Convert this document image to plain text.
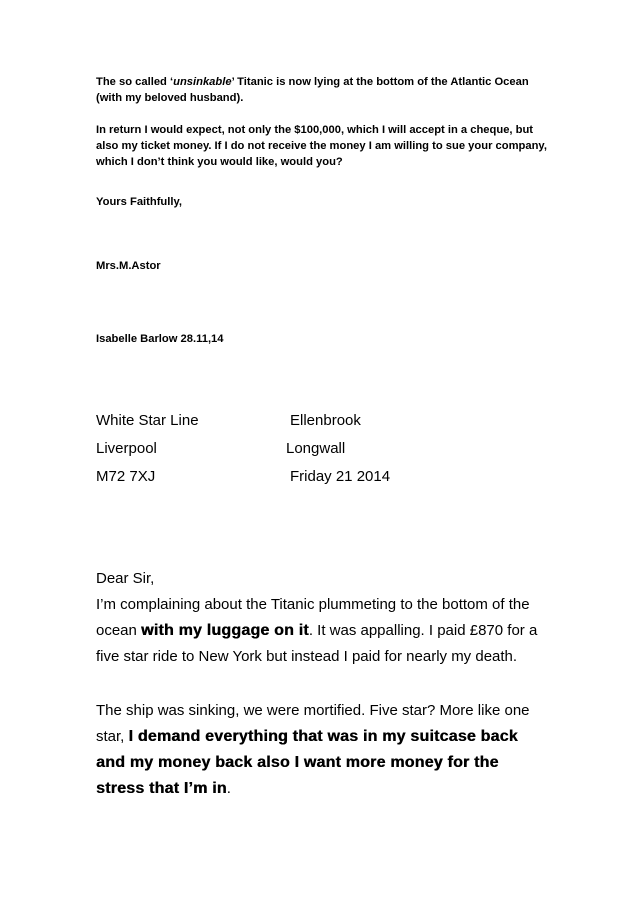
The so called ‘unsinkable’ Titanic is now lying at the bottom of the Atlantic Ocean (with my beloved husband).
In return I would expect, not only the $100,000, which I will accept in a cheque, but also my ticket money. If I do not receive the money I am willing to sue your company, which I don’t think you would like, would you?
Yours Faithfully,
Mrs.M.Astor
Isabelle Barlow 28.11,14
White Star Line
Liverpool
M72 7XJ
Ellenbrook
Longwall
Friday 21 2014
Dear Sir,
I’m complaining about the Titanic plummeting to the bottom of the
ocean with my luggage on it. It was appalling. I paid £870 for a
five star ride to New York but instead I paid for nearly my death.
The ship was sinking, we were mortified. Five star? More like one
star, I demand everything that was in my suitcase back
and my money back also I want more money for the
stress that I’m in.
